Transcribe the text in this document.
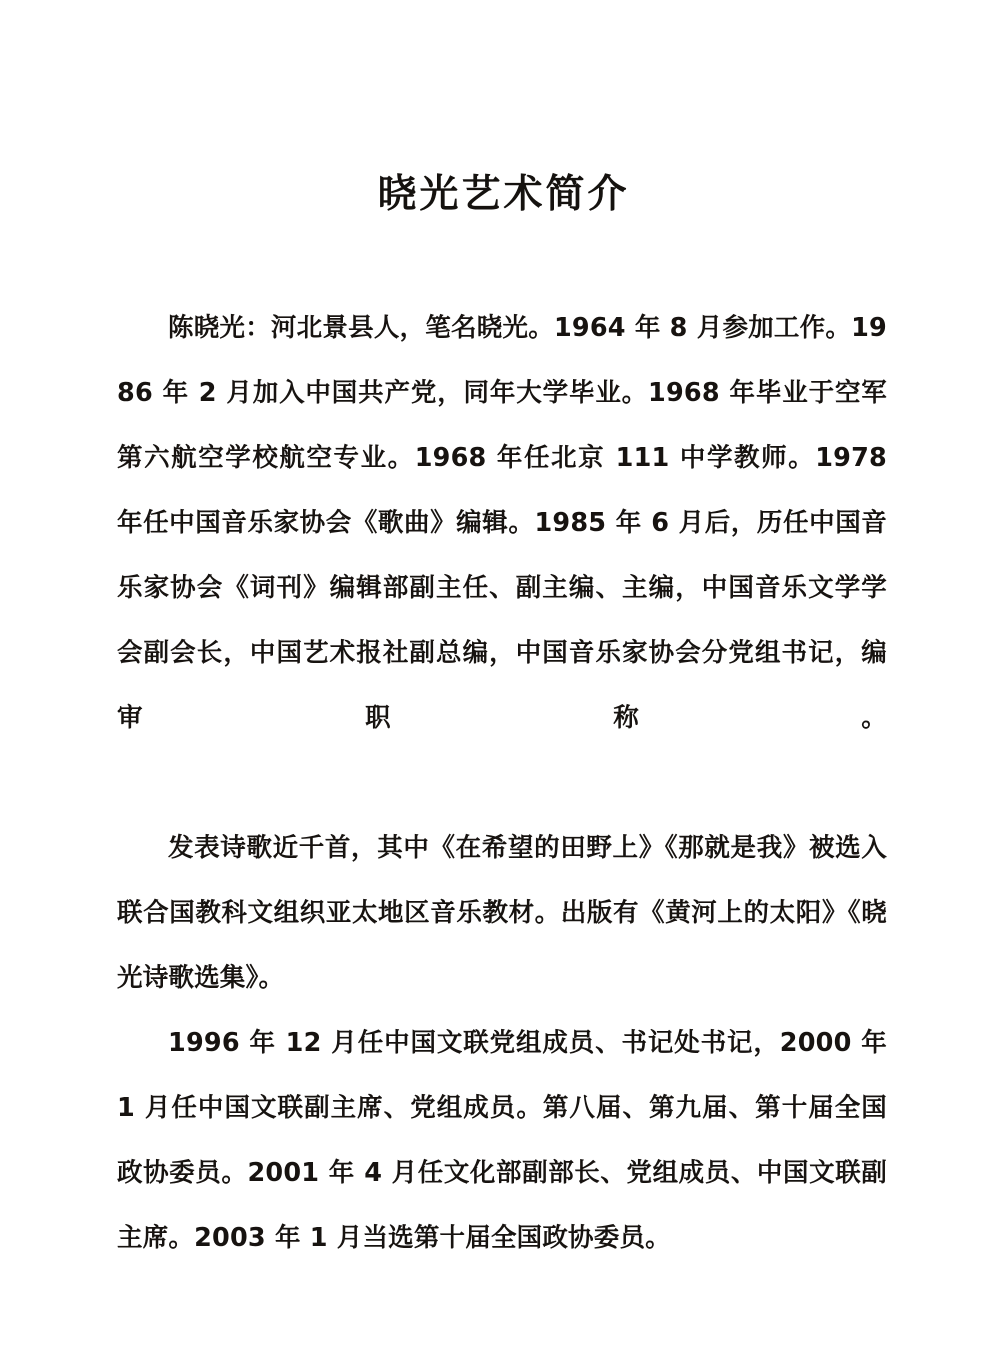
晓光艺术简介

陈晓光：河北景县人，笔名晓光。1964 年 8 月参加工作。1986 年 2 月加入中国共产党，同年大学毕业。1968 年毕业于空军第六航空学校航空专业。1968 年任北京 111 中学教师。1978 年任中国音乐家协会《歌曲》编辑。1985 年 6 月后，历任中国音乐家协会《词刊》编辑部副主任、副主编、主编，中国音乐文学学会副会长，中国艺术报社副总编，中国音乐家协会分党组书记，编审职称。

发表诗歌近千首，其中《在希望的田野上》《那就是我》被选入联合国教科文组织亚太地区音乐教材。出版有《黄河上的太阳》《晓光诗歌选集》。

1996 年 12 月任中国文联党组成员、书记处书记，2000 年 1 月任中国文联副主席、党组成员。第八届、第九届、第十届全国政协委员。2001 年 4 月任文化部副部长、党组成员、中国文联副主席。2003 年 1 月当选第十届全国政协委员。
